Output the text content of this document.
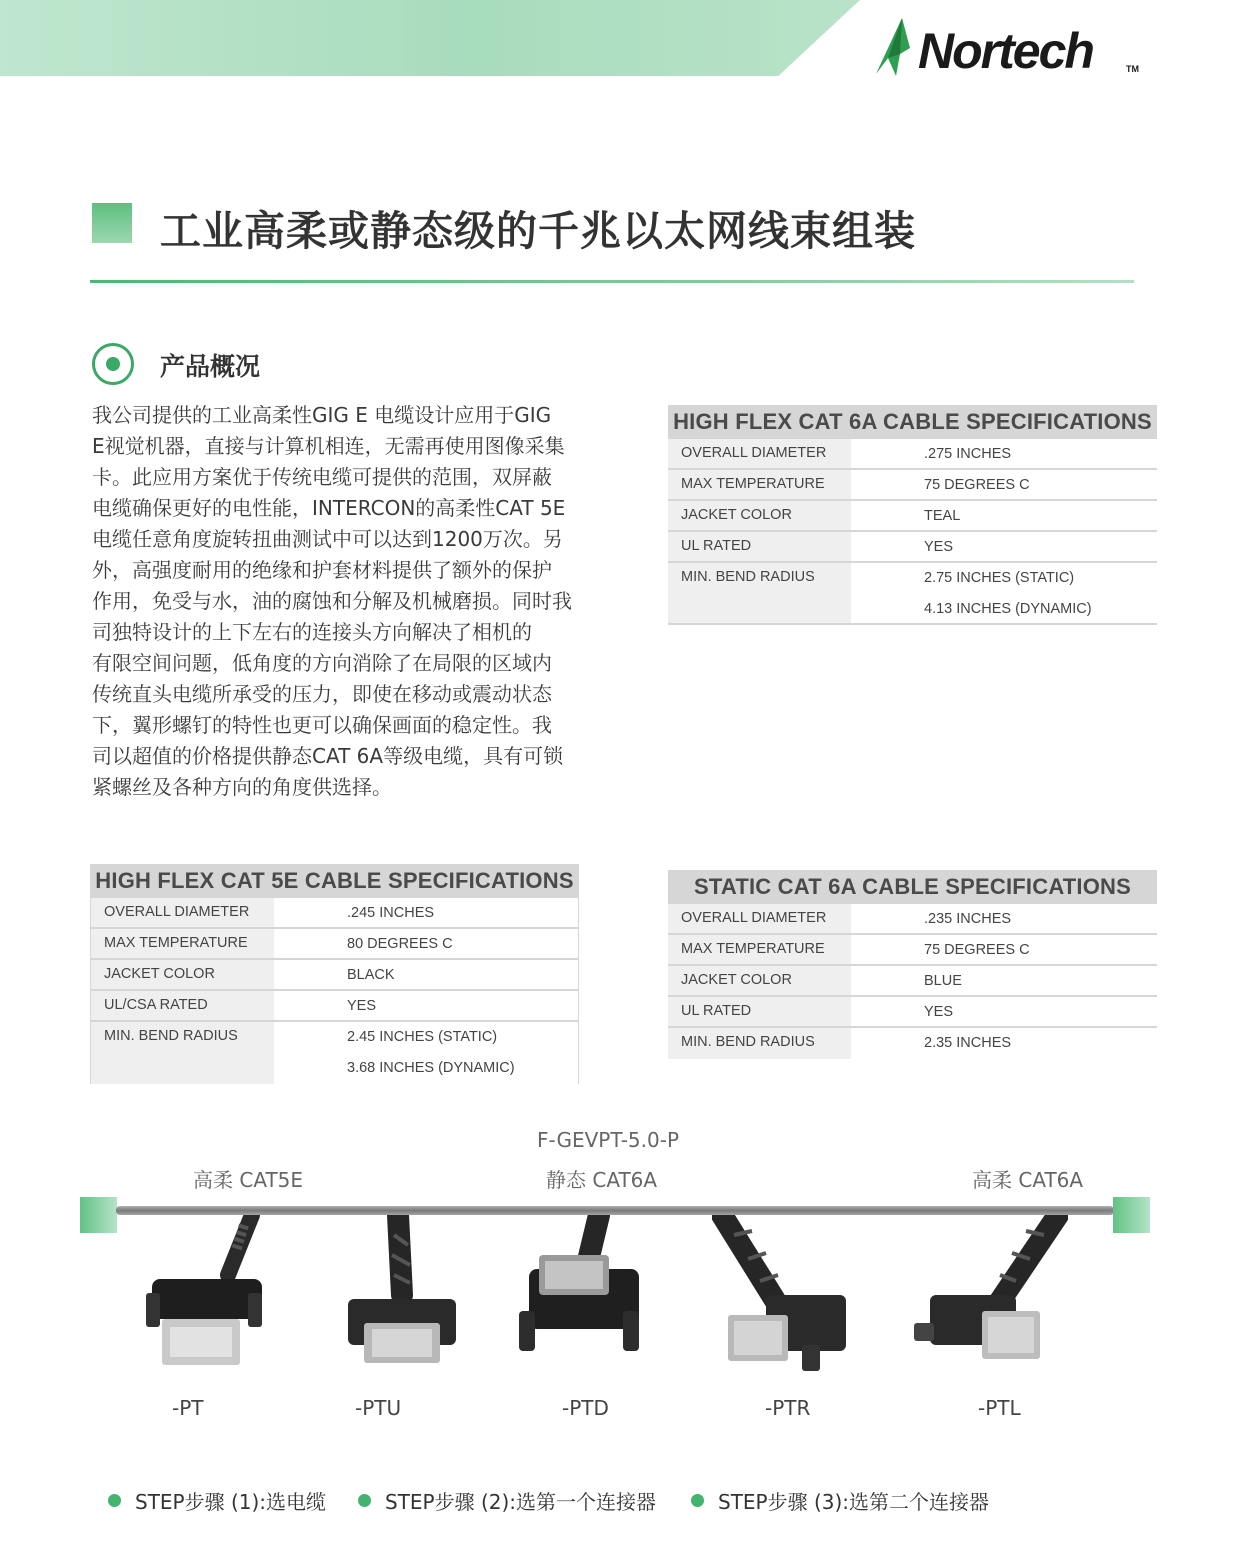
Nortech	TM
工业高柔或静态级的千兆以太网线束组装
产品概况
我公司提供的工业高柔性GIG E 电缆设计应用于GIG
E视觉机器，直接与计算机相连，无需再使用图像采集
卡。此应用方案优于传统电缆可提供的范围，双屏蔽
电缆确保更好的电性能，INTERCON的高柔性CAT 5E
电缆任意角度旋转扭曲测试中可以达到1200万次。另
外，高强度耐用的绝缘和护套材料提供了额外的保护
作用，免受与水，油的腐蚀和分解及机械磨损。同时我
司独特设计的上下左右的连接头方向解决了相机的
有限空间问题，低角度的方向消除了在局限的区域内
传统直头电缆所承受的压力，即使在移动或震动状态
下，翼形螺钉的特性也更可以确保画面的稳定性。我
司以超值的价格提供静态CAT 6A等级电缆，具有可锁
紧螺丝及各种方向的角度供选择。
HIGH FLEX CAT 6A CABLE SPECIFICATIONS
OVERALL DIAMETER	.275 INCHES
MAX TEMPERATURE	75 DEGREES C
JACKET COLOR	TEAL
UL RATED	YES
MIN. BEND RADIUS	2.75 INCHES (STATIC)
4.13 INCHES (DYNAMIC)
HIGH FLEX CAT 5E CABLE SPECIFICATIONS
OVERALL DIAMETER	.245 INCHES
MAX TEMPERATURE	80 DEGREES C
JACKET COLOR	BLACK
UL/CSA RATED	YES
MIN. BEND RADIUS	2.45 INCHES (STATIC)
3.68 INCHES (DYNAMIC)
STATIC CAT 6A CABLE SPECIFICATIONS
OVERALL DIAMETER	.235 INCHES
MAX TEMPERATURE	75 DEGREES C
JACKET COLOR	BLUE
UL RATED	YES
MIN. BEND RADIUS	2.35 INCHES
F-GEVPT-5.0-P
高柔 CAT5E	静态 CAT6A	高柔 CAT6A
-PT	-PTU	-PTD	-PTR	-PTL
STEP步骤 (1):选电缆	STEP步骤 (2):选第一个连接器	STEP步骤 (3):选第二个连接器
